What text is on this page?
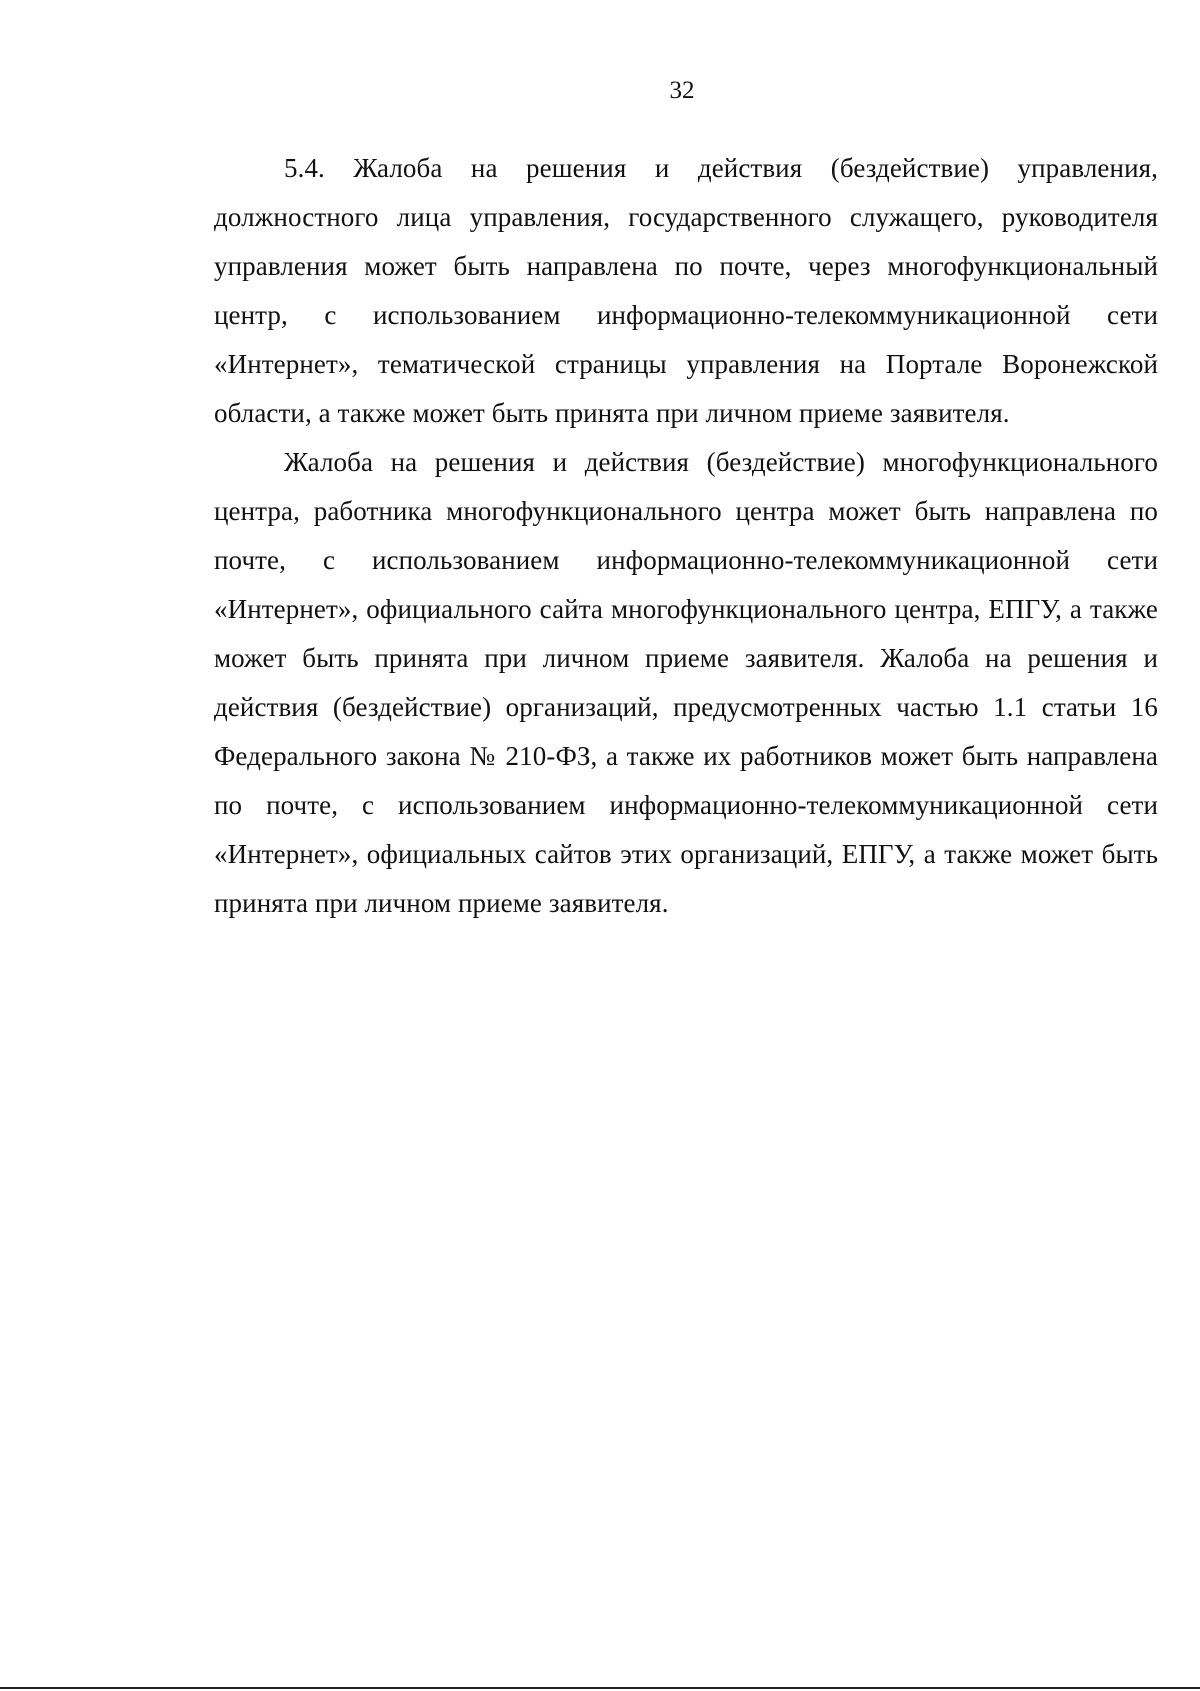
32

5.4. Жалоба на решения и действия (бездействие) управления, должностного лица управления, государственного служащего, руководителя управления может быть направлена по почте, через многофункциональный центр, с использованием информационно-телекоммуникационной сети «Интернет», тематической страницы управления на Портале Воронежской области, а также может быть принята при личном приеме заявителя.

Жалоба на решения и действия (бездействие) многофункционального центра, работника многофункционального центра может быть направлена по почте, с использованием информационно-телекоммуникационной сети «Интернет», официального сайта многофункционального центра, ЕПГУ, а также может быть принята при личном приеме заявителя. Жалоба на решения и действия (бездействие) организаций, предусмотренных частью 1.1 статьи 16 Федерального закона № 210-ФЗ, а также их работников может быть направлена по почте, с использованием информационно-телекоммуникационной сети «Интернет», официальных сайтов этих организаций, ЕПГУ, а также может быть принята при личном приеме заявителя.
